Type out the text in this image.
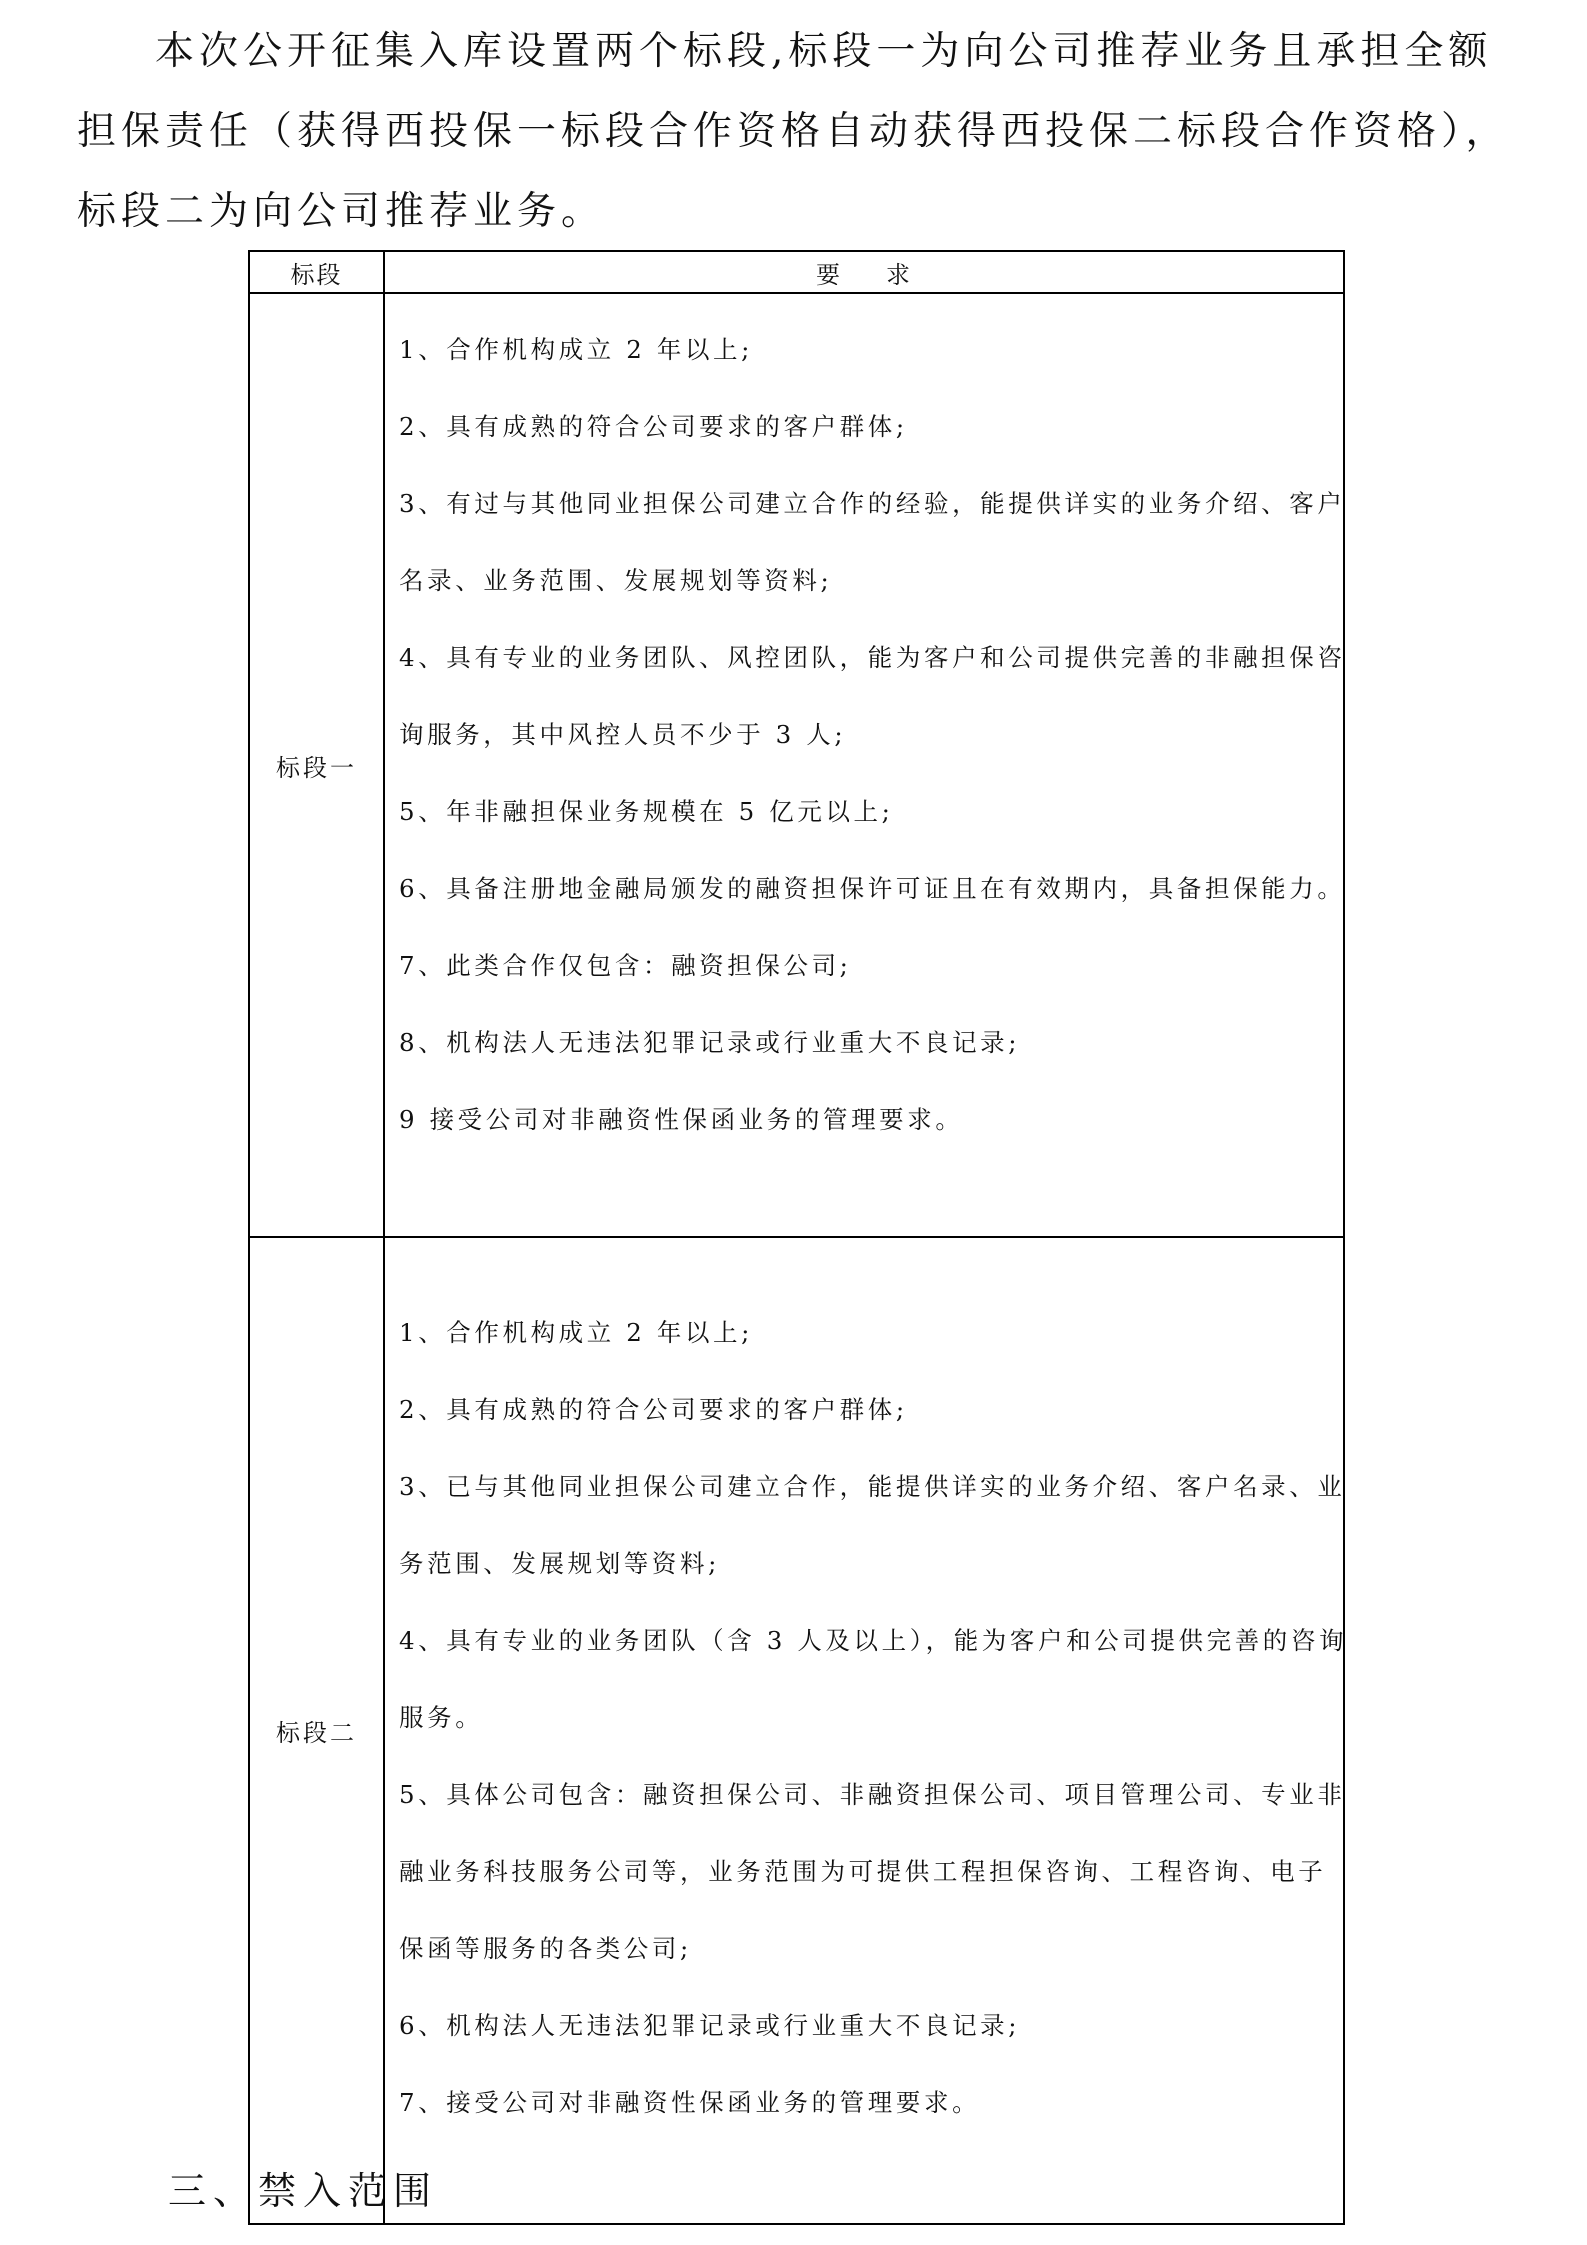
本次公开征集入库设置两个标段,标段一为向公司推荐业务且承担全额

担保责任（获得西投保一标段合作资格自动获得西投保二标段合作资格），

标段二为向公司推荐业务。

标段	要 求
标段一	
1、合作机构成立 2 年以上;
2、具有成熟的符合公司要求的客户群体;
3、有过与其他同业担保公司建立合作的经验，能提供详实的业务介绍、客户
名录、业务范围、发展规划等资料;
4、具有专业的业务团队、风控团队，能为客户和公司提供完善的非融担保咨
询服务，其中风控人员不少于 3 人;
5、年非融担保业务规模在 5 亿元以上;
6、具备注册地金融局颁发的融资担保许可证且在有效期内，具备担保能力。
7、此类合作仅包含：融资担保公司;
8、机构法人无违法犯罪记录或行业重大不良记录;
9 接受公司对非融资性保函业务的管理要求。

标段二	
1、合作机构成立 2 年以上;
2、具有成熟的符合公司要求的客户群体;
3、已与其他同业担保公司建立合作，能提供详实的业务介绍、客户名录、业
务范围、发展规划等资料;
4、具有专业的业务团队（含 3 人及以上），能为客户和公司提供完善的咨询
服务。
5、具体公司包含：融资担保公司、非融资担保公司、项目管理公司、专业非
融业务科技服务公司等，业务范围为可提供工程担保咨询、工程咨询、电子
保函等服务的各类公司;
6、机构法人无违法犯罪记录或行业重大不良记录;
7、接受公司对非融资性保函业务的管理要求。
三、禁入范围
